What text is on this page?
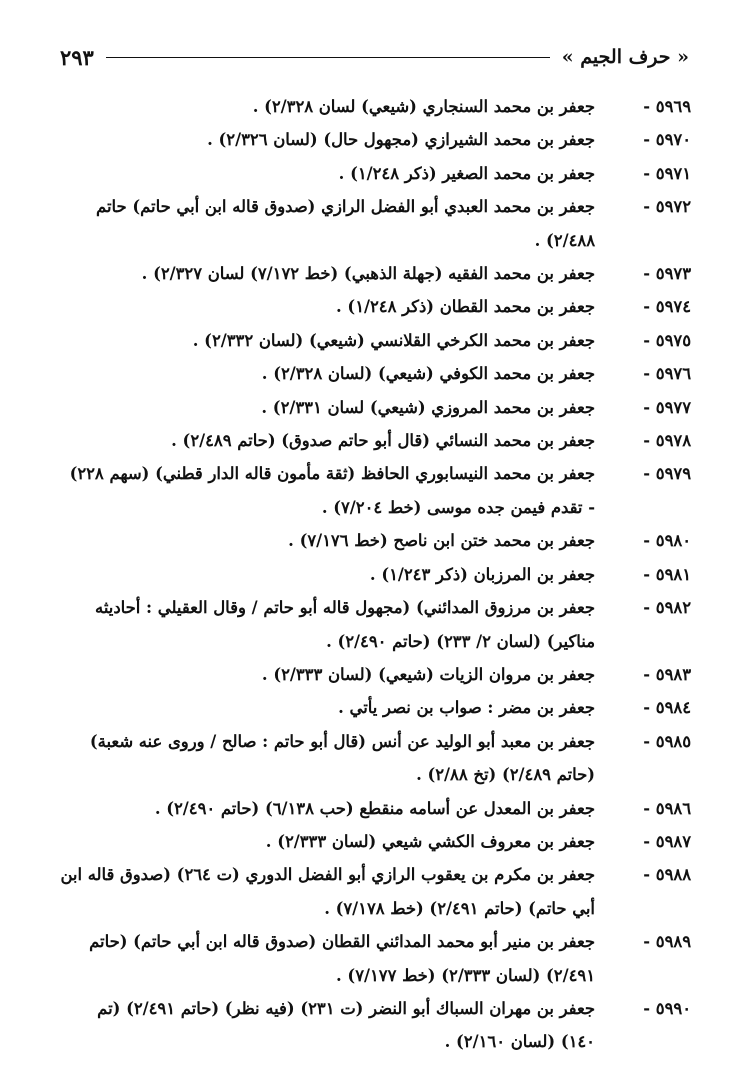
« حرف الجيم »
٢٩٣
٥٩٦٩ -
جعفر بن محمد السنجاري (شيعي) لسان ٢/٣٢٨) .
٥٩٧٠ -
جعفر بن محمد الشيرازي (مجهول حال) (لسان ٢/٣٢٦) .
٥٩٧١ -
جعفر بن محمد الصغير (ذكر ١/٢٤٨) .
٥٩٧٢ -
جعفر بن محمد العبدي أبو الفضل الرازي (صدوق قاله ابن أبي حاتم) حاتم ٢/٤٨٨) .
٥٩٧٣ -
جعفر بن محمد الفقيه (جهلة الذهبي) (خط ٧/١٧٢) لسان ٢/٣٢٧) .
٥٩٧٤ -
جعفر بن محمد القطان (ذكر ١/٢٤٨) .
٥٩٧٥ -
جعفر بن محمد الكرخي القلانسي (شيعي) (لسان ٢/٣٣٢) .
٥٩٧٦ -
جعفر بن محمد الكوفي (شيعي) (لسان ٢/٣٢٨) .
٥٩٧٧ -
جعفر بن محمد المروزي (شيعي) لسان ٢/٣٣١) .
٥٩٧٨ -
جعفر بن محمد النسائي (قال أبو حاتم صدوق) (حاتم ٢/٤٨٩) .
٥٩٧٩ -
جعفر بن محمد النيسابوري الحافظ (ثقة مأمون قاله الدار قطني) (سهم ٢٢٨) - تقدم فيمن جده موسى (خط ٧/٢٠٤) .
٥٩٨٠ -
جعفر بن محمد ختن ابن ناصح (خط ٧/١٧٦) .
٥٩٨١ -
جعفر بن المرزبان (ذكر ١/٢٤٣) .
٥٩٨٢ -
جعفر بن مرزوق المدائني) (مجهول قاله أبو حاتم / وقال العقيلي : أحاديثه مناكير) (لسان ٢/ ٢٣٣) (حاتم ٢/٤٩٠) .
٥٩٨٣ -
جعفر بن مروان الزيات (شيعي) (لسان ٢/٣٣٣) .
٥٩٨٤ -
جعفر بن مضر : صواب بن نصر يأتي .
٥٩٨٥ -
جعفر بن معبد أبو الوليد عن أنس (قال أبو حاتم : صالح / وروى عنه شعبة) (حاتم ٢/٤٨٩) (تخ ٢/٨٨) .
٥٩٨٦ -
جعفر بن المعدل عن أسامه منقطع (حب ٦/١٣٨) (حاتم ٢/٤٩٠) .
٥٩٨٧ -
جعفر بن معروف الكشي شيعي (لسان ٢/٣٣٣) .
٥٩٨٨ -
جعفر بن مكرم بن يعقوب الرازي أبو الفضل الدوري (ت ٢٦٤) (صدوق قاله ابن أبي حاتم) (حاتم ٢/٤٩١) (خط ٧/١٧٨) .
٥٩٨٩ -
جعفر بن منير أبو محمد المدائني القطان (صدوق قاله ابن أبي حاتم) (حاتم ٢/٤٩١) (لسان ٢/٣٣٣) (خط ٧/١٧٧) .
٥٩٩٠ -
جعفر بن مهران السباك أبو النضر (ت ٢٣١) (فيه نظر) (حاتم ٢/٤٩١) (تم ١٤٠) (لسان ٢/١٦٠) .
